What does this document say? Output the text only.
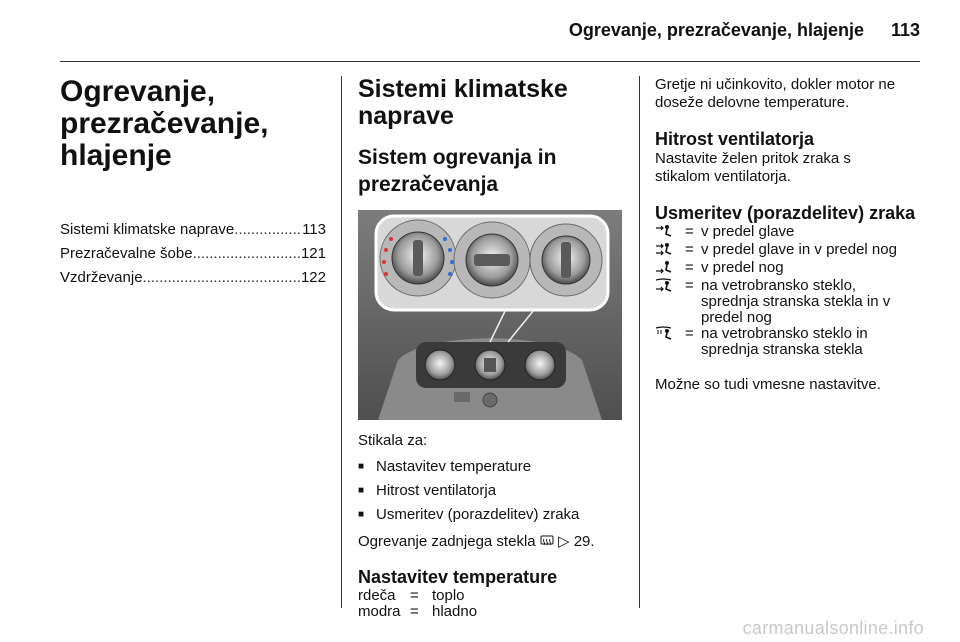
Ogrevanje, prezračevanje, hlajenje 113
Ogrevanje,
prezračevanje,
hlajenje
Sistemi klimatske naprave .....	113
Prezračevalne šobe .....	121
Vzdrževanje .....	122
Sistemi klimatske
naprave
Sistem ogrevanja in
prezračevanja

Stikala za:

■ Nastavitev temperature
■ Hitrost ventilatorja
■ Usmeritev (porazdelitev) zraka

Ogrevanje zadnjega stekla ▷ 29.

Nastavitev temperature
rdeča	=	toplo
modra	=	hladno

Gretje ni učinkovito, dokler motor ne
doseže delovne temperature.

Hitrost ventilatorja

Nastavite želen pritok zraka s
stikalom ventilatorja.

Usmeritev (porazdelitev) zraka
	=	v predel glave

	=	v predel glave in v predel nog

	=	v predel nog

	=	na vetrobransko steklo,
sprednja stranska stekla in v
predel nog

	=	na vetrobransko steklo in
sprednja stranska stekla

Možne so tudi vmesne nastavitve.

carmanualsonline.info
